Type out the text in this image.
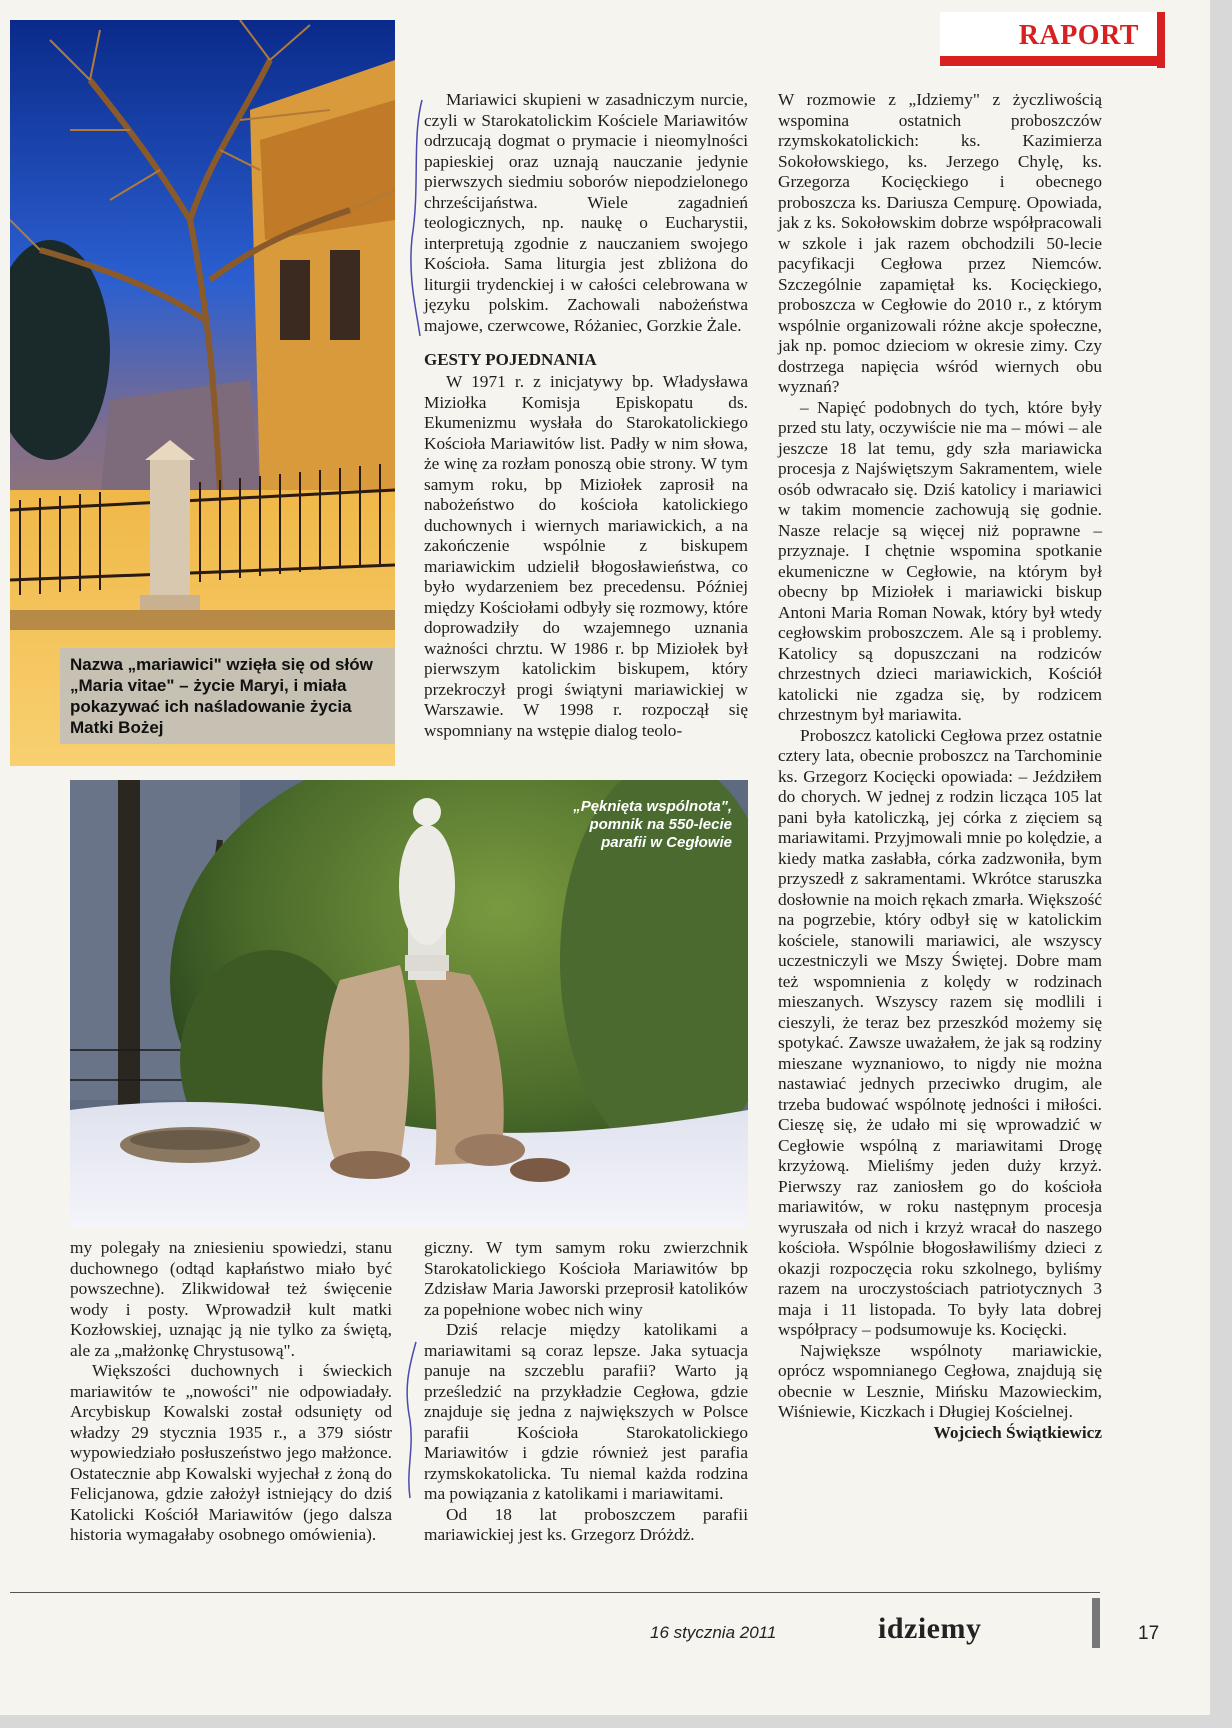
RAPORT
Nazwa „mariawici" wzięła się od słów „Maria vitae" – życie Maryi, i miała pokazywać ich naśladowanie życia Matki Bożej

Mariawici skupieni w zasadniczym nurcie, czyli w Starokatolickim Kościele Mariawitów odrzucają dogmat o prymacie i nieomylności papieskiej oraz uznają nauczanie jedynie pierwszych siedmiu soborów niepodzielonego chrześcijaństwa. Wiele zagadnień teologicznych, np. naukę o Eucharystii, interpretują zgodnie z nauczaniem swojego Kościoła. Sama liturgia jest zbliżona do liturgii trydenckiej i w całości celebrowana w języku polskim. Zachowali nabożeństwa majowe, czerwcowe, Różaniec, Gorzkie Żale.

GESTY POJEDNANIA

W 1971 r. z inicjatywy bp. Władysława Miziołka Komisja Episkopatu ds. Ekumenizmu wysłała do Starokatolickiego Kościoła Mariawitów list. Padły w nim słowa, że winę za rozłam ponoszą obie strony. W tym samym roku, bp Miziołek zaprosił na nabożeństwo do kościoła katolickiego duchownych i wiernych mariawickich, a na zakończenie wspólnie z biskupem mariawickim udzielił błogosławieństwa, co było wydarzeniem bez precedensu. Później między Kościołami odbyły się rozmowy, które doprowadziły do wzajemnego uznania ważności chrztu. W 1986 r. bp Miziołek był pierwszym katolickim biskupem, który przekroczył progi świątyni mariawickiej w Warszawie. W 1998 r. rozpoczął się wspomniany na wstępie dialog teolo-

„Pęknięta wspólnota",
pomnik na 550-lecie
parafii w Cegłowie

my polegały na zniesieniu spowiedzi, stanu duchownego (odtąd kapłaństwo miało być powszechne). Zlikwidował też święcenie wody i posty. Wprowadził kult matki Kozłowskiej, uznając ją nie tylko za świętą, ale za „małżonkę Chrystusową".

Większości duchownych i świeckich mariawitów te „nowości" nie odpowiadały. Arcybiskup Kowalski został odsunięty od władzy 29 stycznia 1935 r., a 379 sióstr wypowiedziało posłuszeństwo jego małżonce. Ostatecznie abp Kowalski wyjechał z żoną do Felicjanowa, gdzie założył istniejący do dziś Katolicki Kościół Mariawitów (jego dalsza historia wymagałaby osobnego omówienia).

giczny. W tym samym roku zwierzchnik Starokatolickiego Kościoła Mariawitów bp Zdzisław Maria Jaworski przeprosił katolików za popełnione wobec nich winy

Dziś relacje między katolikami a mariawitami są coraz lepsze. Jaka sytuacja panuje na szczeblu parafii? Warto ją prześledzić na przykładzie Cegłowa, gdzie znajduje się jedna z największych w Polsce parafii Kościoła Starokatolickiego Mariawitów i gdzie również jest parafia rzymskokatolicka. Tu niemal każda rodzina ma powiązania z katolikami i mariawitami.

Od 18 lat proboszczem parafii mariawickiej jest ks. Grzegorz Dróżdż.

W rozmowie z „Idziemy" z życzliwością wspomina ostatnich proboszczów rzymskokatolickich: ks. Kazimierza Sokołowskiego, ks. Jerzego Chylę, ks. Grzegorza Kocięckiego i obecnego proboszcza ks. Dariusza Cempurę. Opowiada, jak z ks. Sokołowskim dobrze współpracowali w szkole i jak razem obchodzili 50-lecie pacyfikacji Cegłowa przez Niemców. Szczególnie zapamiętał ks. Kocięckiego, proboszcza w Cegłowie do 2010 r., z którym wspólnie organizowali różne akcje społeczne, jak np. pomoc dzieciom w okresie zimy. Czy dostrzega napięcia wśród wiernych obu wyznań?

– Napięć podobnych do tych, które były przed stu laty, oczywiście nie ma – mówi – ale jeszcze 18 lat temu, gdy szła mariawicka procesja z Najświętszym Sakramentem, wiele osób odwracało się. Dziś katolicy i mariawici w takim momencie zachowują się godnie. Nasze relacje są więcej niż poprawne – przyznaje. I chętnie wspomina spotkanie ekumeniczne w Cegłowie, na którym był obecny bp Miziołek i mariawicki biskup Antoni Maria Roman Nowak, który był wtedy cegłowskim proboszczem. Ale są i problemy. Katolicy są dopuszczani na rodziców chrzestnych dzieci mariawickich, Kościół katolicki nie zgadza się, by rodzicem chrzestnym był mariawita.

Proboszcz katolicki Cegłowa przez ostatnie cztery lata, obecnie proboszcz na Tarchominie ks. Grzegorz Kocięcki opowiada: – Jeździłem do chorych. W jednej z rodzin licząca 105 lat pani była katoliczką, jej córka z zięciem są mariawitami. Przyjmowali mnie po kolędzie, a kiedy matka zasłabła, córka zadzwoniła, bym przyszedł z sakramentami. Wkrótce staruszka dosłownie na moich rękach zmarła. Większość na pogrzebie, który odbył się w katolickim kościele, stanowili mariawici, ale wszyscy uczestniczyli we Mszy Świętej. Dobre mam też wspomnienia z kolędy w rodzinach mieszanych. Wszyscy razem się modlili i cieszyli, że teraz bez przeszkód możemy się spotykać. Zawsze uważałem, że jak są rodziny mieszane wyznaniowo, to nigdy nie można nastawiać jednych przeciwko drugim, ale trzeba budować wspólnotę jedności i miłości. Cieszę się, że udało mi się wprowadzić w Cegłowie wspólną z mariawitami Drogę krzyżową. Mieliśmy jeden duży krzyż. Pierwszy raz zaniosłem go do kościoła mariawitów, w roku następnym procesja wyruszała od nich i krzyż wracał do naszego kościoła. Wspólnie błogosławiliśmy dzieci z okazji rozpoczęcia roku szkolnego, byliśmy razem na uroczystościach patriotycznych 3 maja i 11 listopada. To były lata dobrej współpracy – podsumowuje ks. Kocięcki.

Największe wspólnoty mariawickie, oprócz wspomnianego Cegłowa, znajdują się obecnie w Lesznie, Mińsku Mazowieckim, Wiśniewie, Kiczkach i Długiej Kościelnej.

Wojciech Świątkiewicz

16 stycznia 2011	idziemy	17
